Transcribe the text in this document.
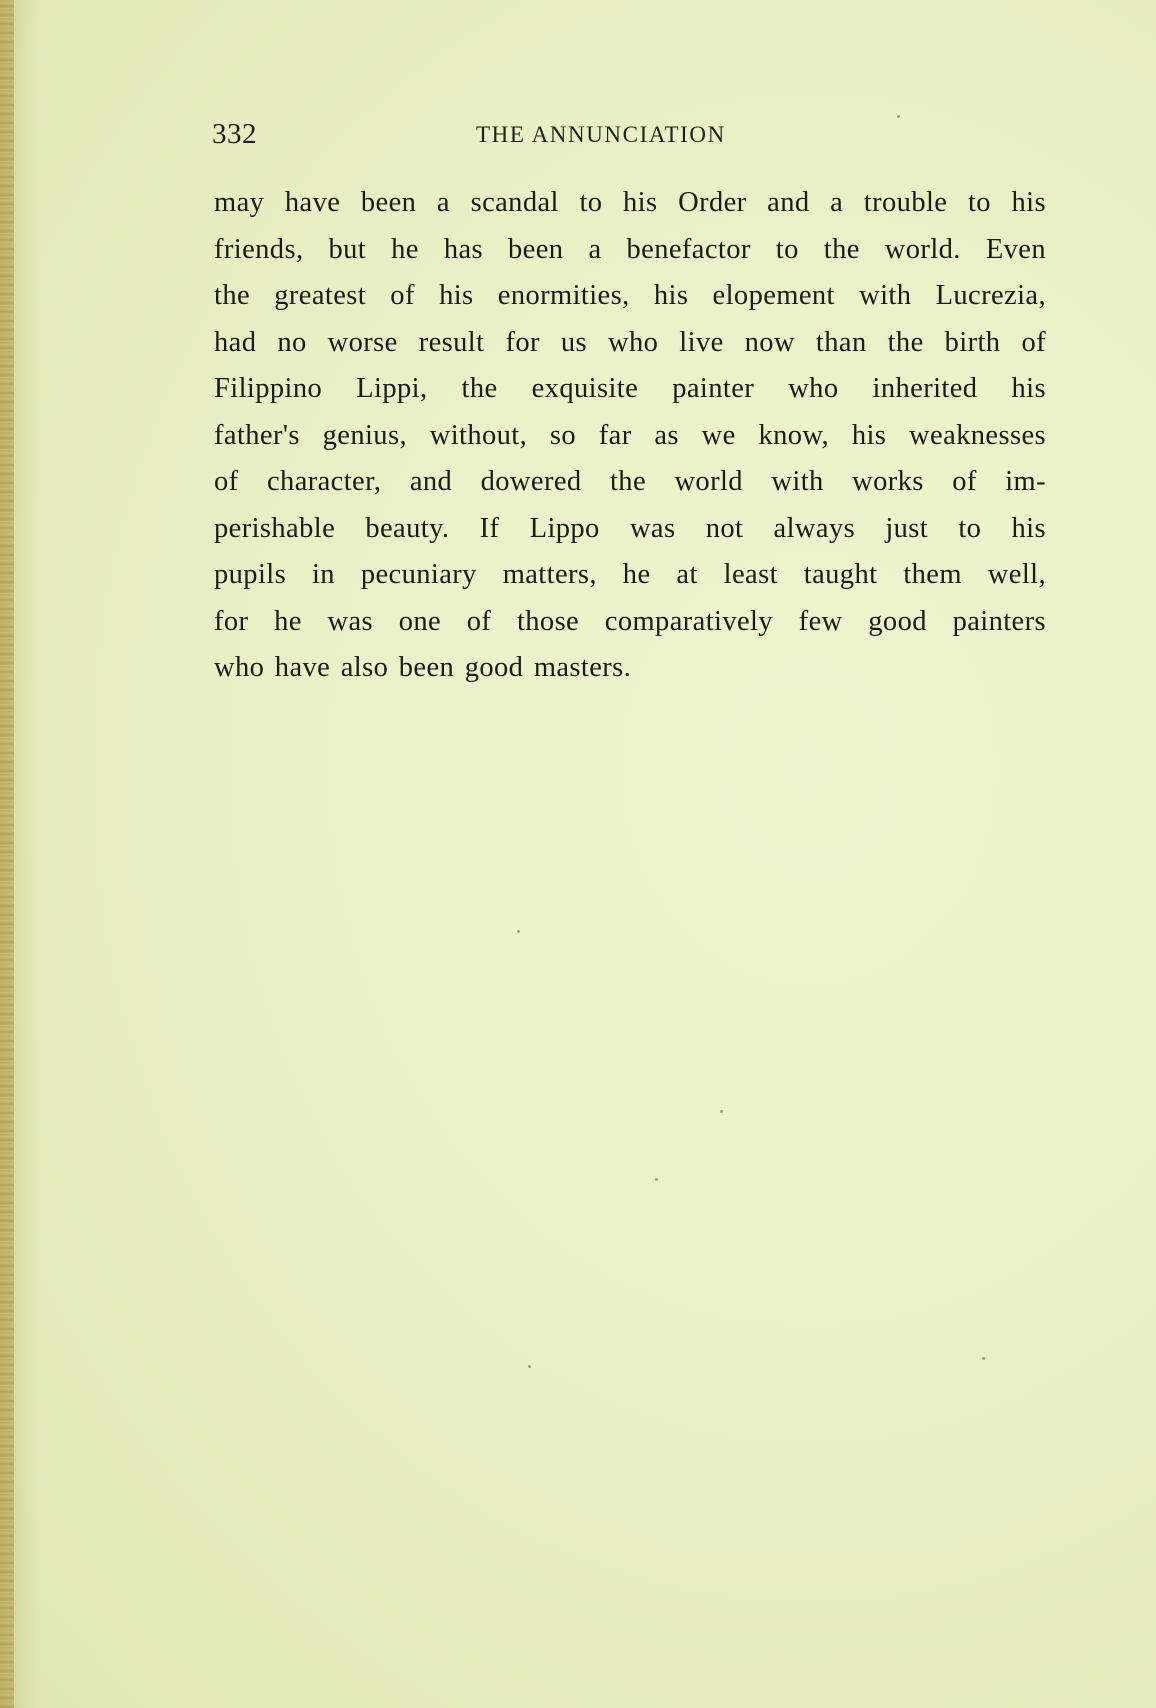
332	THE ANNUNCIATION
may have been a scandal to his Order and a trouble to his
friends, but he has been a benefactor to the world. Even
the greatest of his enormities, his elopement with Lucrezia,
had no worse result for us who live now than the birth of
Filippino Lippi, the exquisite painter who inherited his
father's genius, without, so far as we know, his weaknesses
of character, and dowered the world with works of im-
perishable beauty. If Lippo was not always just to his
pupils in pecuniary matters, he at least taught them well,
for he was one of those comparatively few good painters
who have also been good masters.
